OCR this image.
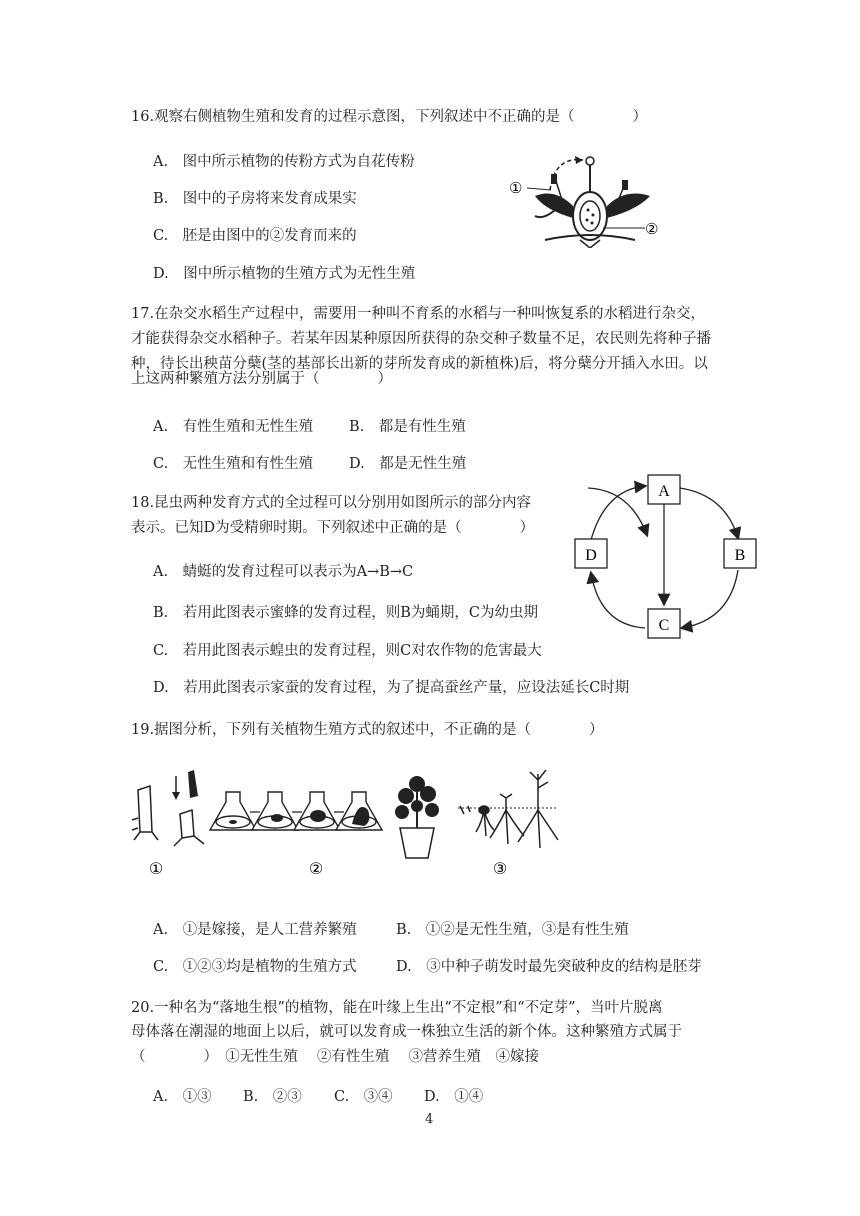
16.观察右侧植物生殖和发育的过程示意图，下列叙述中不正确的是（　　　　）
A.　图中所示植物的传粉方式为自花传粉
B.　图中的子房将来发育成果实
C.　胚是由图中的②发育而来的
D.　图中所示植物的生殖方式为无性生殖
①
②
17.在杂交水稻生产过程中，需要用一种叫不育系的水稻与一种叫恢复系的水稻进行杂交，
才能获得杂交水稻种子。若某年因某种原因所获得的杂交种子数量不足，农民则先将种子播
种，待长出秧苗分蘖(茎的基部长出新的芽所发育成的新植株)后，将分蘖分开插入水田。以
上这两种繁殖方法分别属于（　　　　）
A.　有性生殖和无性生殖 B.　都是有性生殖
C.　无性生殖和有性生殖 D.　都是无性生殖
18.昆虫两种发育方式的全过程可以分别用如图所示的部分内容
表示。已知D为受精卵时期。下列叙述中正确的是（　　　　）
A.　蜻蜓的发育过程可以表示为A→B→C
B.　若用此图表示蜜蜂的发育过程，则B为蛹期，C为幼虫期
C.　若用此图表示蝗虫的发育过程，则C对农作物的危害最大
D.　若用此图表示家蚕的发育过程，为了提高蚕丝产量，应设法延长C时期
A
B
C
D
19.据图分析，下列有关植物生殖方式的叙述中，不正确的是（　　　　）
①	②	③
A.　①是嫁接，是人工营养繁殖	B.　①②是无性生殖，③是有性生殖
C.　①②③均是植物的生殖方式	D.　③中种子萌发时最先突破种皮的结构是胚芽
20.一种名为“落地生根”的植物，能在叶缘上生出“不定根”和“不定芽”，当叶片脱离
母体落在潮湿的地面上以后，就可以发育成一株独立生活的新个体。这种繁殖方式属于
（　　　　）　①无性生殖　 ②有性生殖　 ③营养生殖　④嫁接
A.　①③ B.　②③ C.　③④ D.　①④
4
